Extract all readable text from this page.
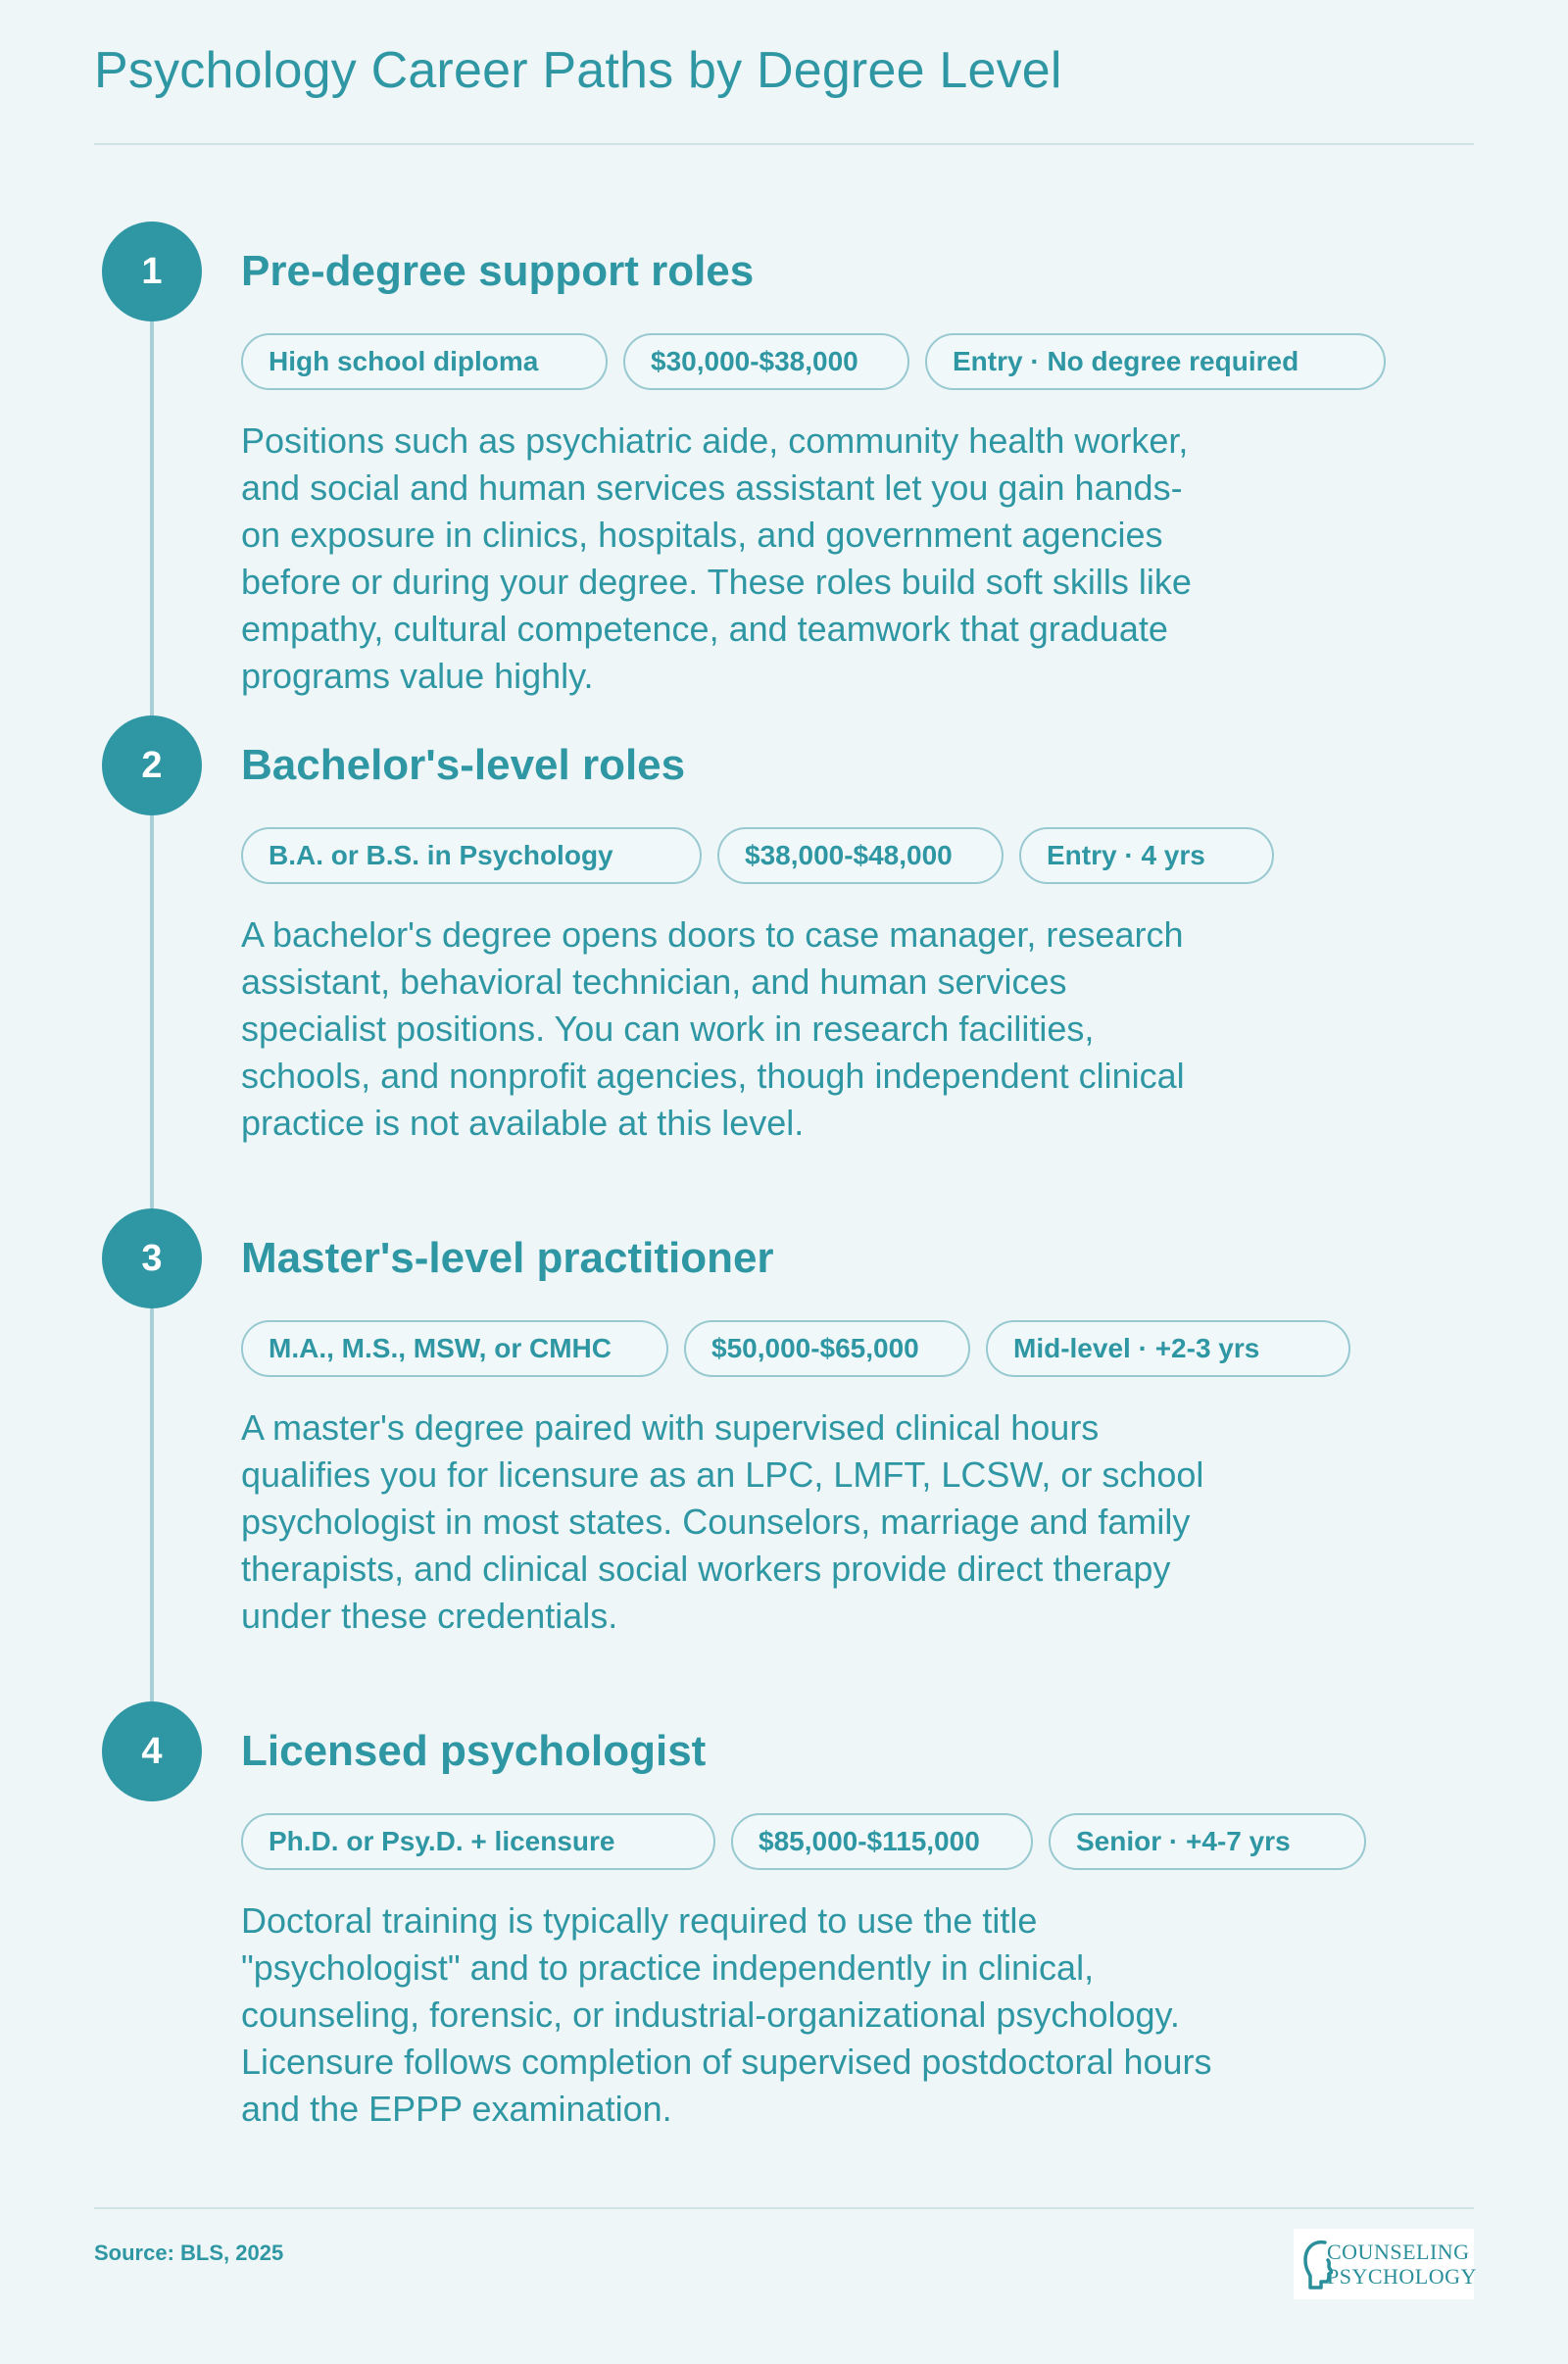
Psychology Career Paths by Degree Level
1	Pre-degree support roles
High school diploma	$30,000-$38,000	Entry · No degree required

Positions such as psychiatric aide, community health worker, and social and human services assistant let you gain hands-on exposure in clinics, hospitals, and government agencies before or during your degree. These roles build soft skills like empathy, cultural competence, and teamwork that graduate programs value highly.

2	Bachelor's-level roles
B.A. or B.S. in Psychology	$38,000-$48,000	Entry · 4 yrs

A bachelor's degree opens doors to case manager, research assistant, behavioral technician, and human services specialist positions. You can work in research facilities, schools, and nonprofit agencies, though independent clinical practice is not available at this level.

3	Master's-level practitioner
M.A., M.S., MSW, or CMHC	$50,000-$65,000	Mid-level · +2-3 yrs

A master's degree paired with supervised clinical hours qualifies you for licensure as an LPC, LMFT, LCSW, or school psychologist in most states. Counselors, marriage and family therapists, and clinical social workers provide direct therapy under these credentials.

4	Licensed psychologist
Ph.D. or Psy.D. + licensure	$85,000-$115,000	Senior · +4-7 yrs

Doctoral training is typically required to use the title "psychologist" and to practice independently in clinical, counseling, forensic, or industrial-organizational psychology. Licensure follows completion of supervised postdoctoral hours and the EPPP examination.

Source: BLS, 2025	COUNSELING
PSYCHOLOGY
